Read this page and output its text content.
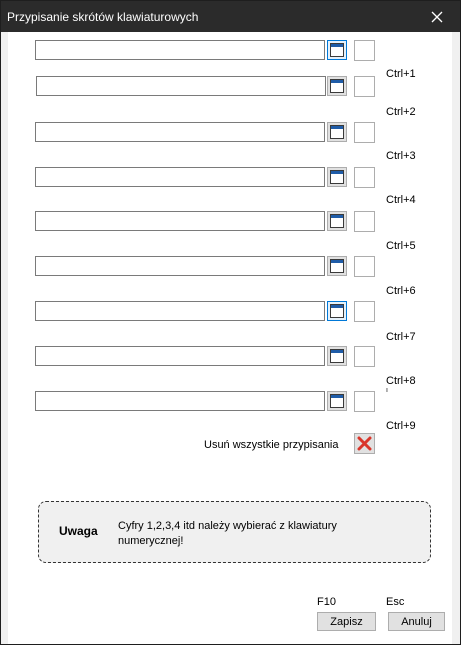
Przypisanie skrótów klawiaturowych
Ctrl+1
Ctrl+2
Ctrl+3
Ctrl+4
Ctrl+5
Ctrl+6
Ctrl+7
Ctrl+8
Ctrl+9
ı
Usuń wszystkie przypisania
Uwaga Cyfry 1,2,3,4 itd należy wybierać z klawiatury numerycznej!
F10	Esc
Zapisz	Anuluj
